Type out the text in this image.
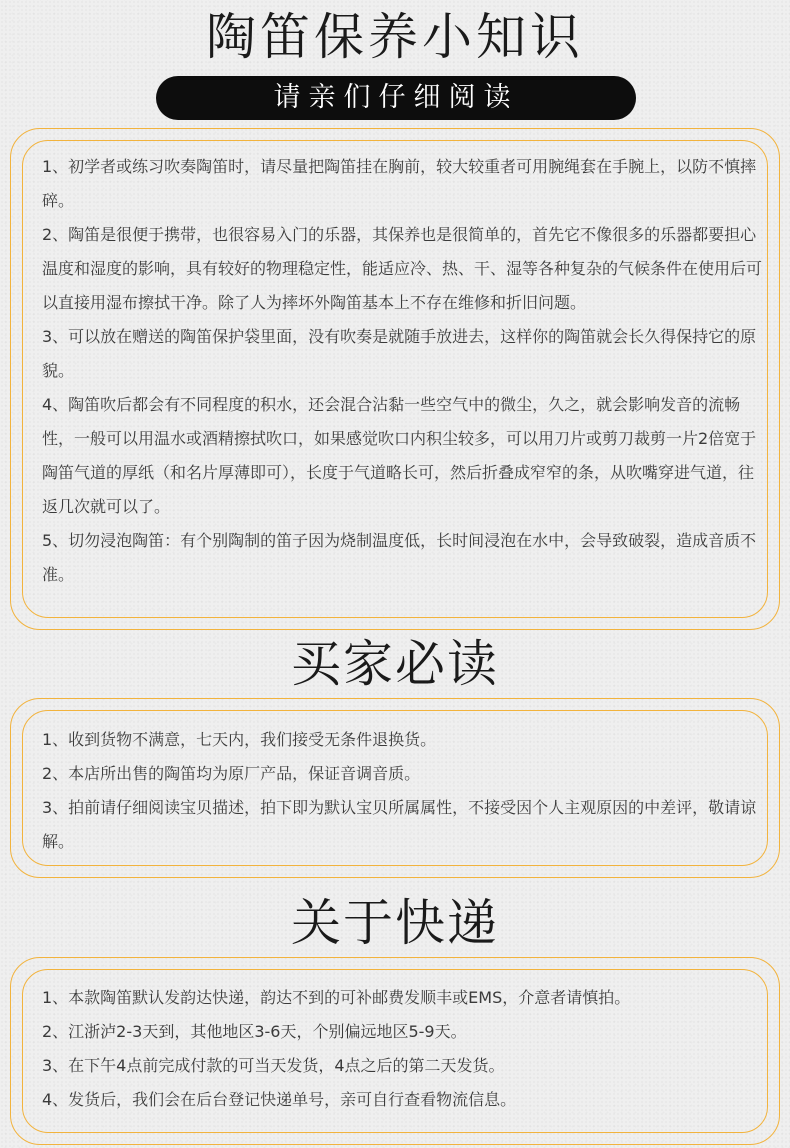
陶笛保养小知识
请亲们仔细阅读

1、初学者或练习吹奏陶笛时，请尽量把陶笛挂在胸前，较大较重者可用腕绳套在手腕上，以防不慎摔碎。

2、陶笛是很便于携带，也很容易入门的乐器，其保养也是很简单的，首先它不像很多的乐器都要担心温度和湿度的影响，具有较好的物理稳定性，能适应冷、热、干、湿等各种复杂的气候条件在使用后可以直接用湿布擦拭干净。除了人为摔坏外陶笛基本上不存在维修和折旧问题。

3、可以放在赠送的陶笛保护袋里面，没有吹奏是就随手放进去，这样你的陶笛就会长久得保持它的原貌。

4、陶笛吹后都会有不同程度的积水，还会混合沾黏一些空气中的微尘，久之，就会影响发音的流畅性，一般可以用温水或酒精擦拭吹口，如果感觉吹口内积尘较多，可以用刀片或剪刀裁剪一片2倍宽于陶笛气道的厚纸（和名片厚薄即可），长度于气道略长可，然后折叠成窄窄的条，从吹嘴穿进气道，往返几次就可以了。

5、切勿浸泡陶笛：有个别陶制的笛子因为烧制温度低，长时间浸泡在水中，会导致破裂，造成音质不准。

买家必读

1、收到货物不满意，七天内，我们接受无条件退换货。

2、本店所出售的陶笛均为原厂产品，保证音调音质。

3、拍前请仔细阅读宝贝描述，拍下即为默认宝贝所属属性，不接受因个人主观原因的中差评，敬请谅解。

关于快递

1、本款陶笛默认发韵达快递，韵达不到的可补邮费发顺丰或EMS，介意者请慎拍。

2、江浙泸2-3天到，其他地区3-6天，个别偏远地区5-9天。

3、在下午4点前完成付款的可当天发货，4点之后的第二天发货。

4、发货后，我们会在后台登记快递单号，亲可自行查看物流信息。
